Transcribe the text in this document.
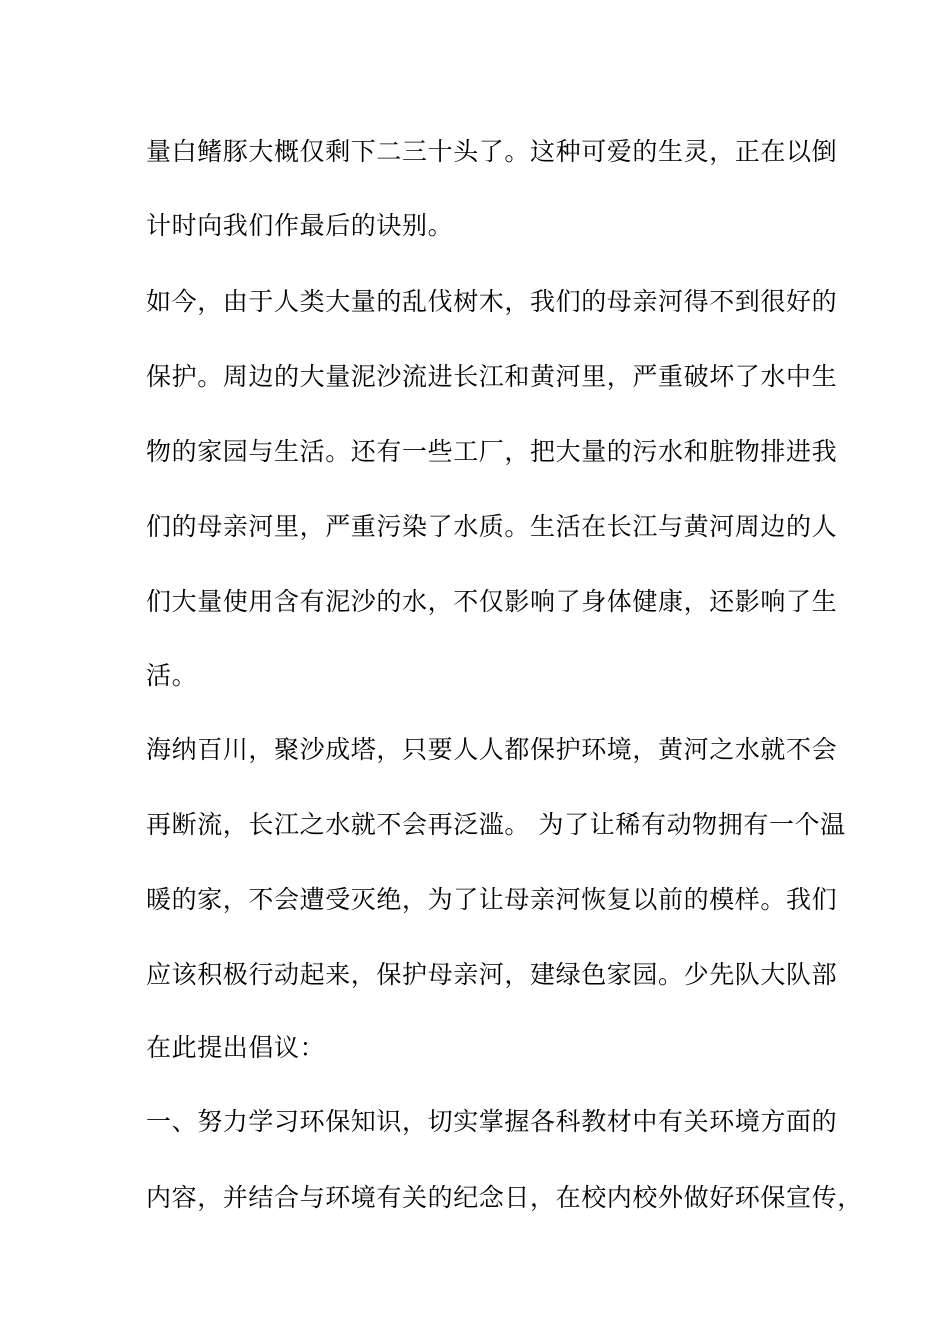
量白鳍豚大概仅剩下二三十头了。这种可爱的生灵，正在以倒
计时向我们作最后的诀别。
如今，由于人类大量的乱伐树木，我们的母亲河得不到很好的
保护。周边的大量泥沙流进长江和黄河里，严重破坏了水中生
物的家园与生活。还有一些工厂，把大量的污水和脏物排进我
们的母亲河里，严重污染了水质。生活在长江与黄河周边的人
们大量使用含有泥沙的水，不仅影响了身体健康，还影响了生
活。
海纳百川，聚沙成塔，只要人人都保护环境，黄河之水就不会
再断流，长江之水就不会再泛滥。 为了让稀有动物拥有一个温
暖的家，不会遭受灭绝，为了让母亲河恢复以前的模样。我们
应该积极行动起来，保护母亲河，建绿色家园。少先队大队部
在此提出倡议：
一、努力学习环保知识，切实掌握各科教材中有关环境方面的
内容，并结合与环境有关的纪念日，在校内校外做好环保宣传，
